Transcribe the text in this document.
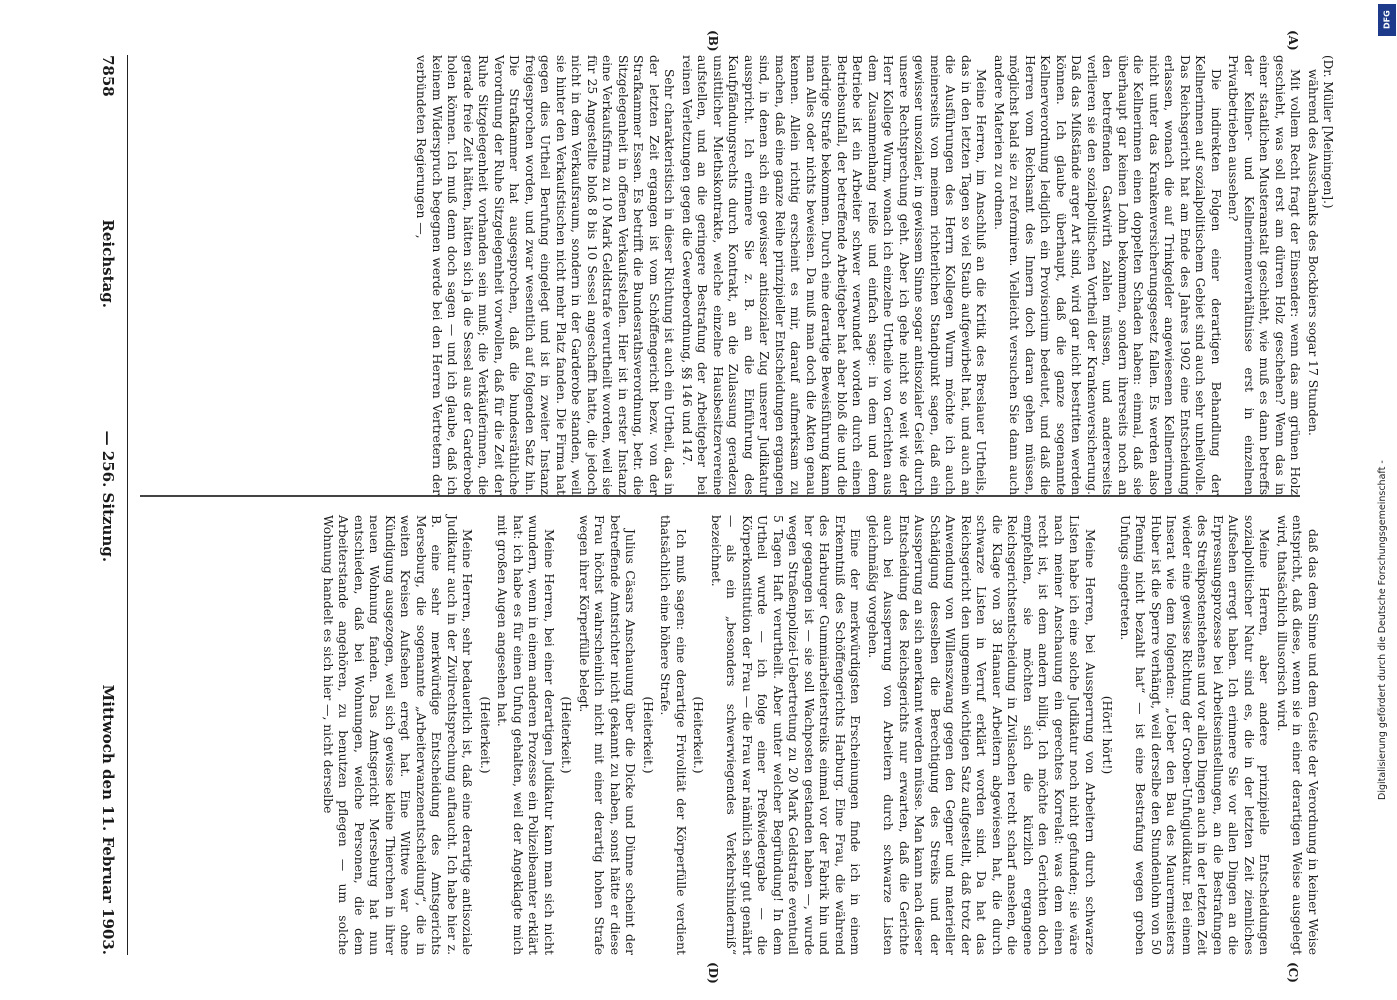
(Dr. Müller [Meiningen].)

während des Ausschanks des Bockbiers sogar 17 Stunden.

Mit vollem Recht fragt der Einsender: wenn das am grünen Holz geschieht, was soll erst am dürren Holz geschehen? Wenn das in einer staatlichen Musteranstalt geschieht, wie muß es dann betreffs der Kellner- und Kellnerinnenverhältnisse erst in einzelnen Privatbetrieben aussehen?

Die indirekten Folgen einer derartigen Behandlung der Kellnerinnen auf sozialpolitischem Gebiet sind auch sehr unheilvolle. Das Reichsgericht hat am Ende des Jahres 1902 eine Entscheidung erlassen, wonach die auf Trinkgelder angewiesenen Kellnerinnen nicht unter das Krankenversicherungsgesetz fallen. Es werden also die Kellnerinnen einen doppelten Schaden haben: einmal, daß sie überhaupt gar keinen Lohn bekommen, sondern ihrerseits noch an den betreffenden Gastwirth zahlen müssen, und andererseits verlieren sie den sozialpolitischen Vortheil der Krankenversicherung. Daß das Mißstände arger Art sind, wird gar nicht bestritten werden können. Ich glaube überhaupt, daß die ganze sogenannte Kellnerverordnung lediglich ein Provisorium bedeutet, und daß die Herren vom Reichsamt des Innern doch daran gehen müssen, möglichst bald sie zu reformiren. Vielleicht versuchen Sie dann auch andere Materien zu ordnen.

Meine Herren, im Anschluß an die Kritik des Breslauer Urtheils, das in den letzten Tagen so viel Staub aufgewirbelt hat, und auch an die Ausführungen des Herrn Kollegen Wurm möchte ich auch meinerseits von meinem richterlichen Standpunkt sagen, daß ein gewisser unsozialer, in gewissem Sinne sogar antisozialer Geist durch unsere Rechtsprechung geht. Aber ich gehe nicht so weit wie der Herr Kollege Wurm, wonach ich einzelne Urtheile von Gerichten aus dem Zusammenhang reiße und einfach sage: in dem und dem Betriebe ist ein Arbeiter schwer verwundet worden durch einen Betriebsunfall, der betreffende Arbeitgeber hat aber bloß die und die niedrige Strafe bekommen. Durch eine derartige Beweisführung kann man Alles oder nichts beweisen. Da muß man doch die Akten genau kennen. Allein richtig erscheint es mir, darauf aufmerksam zu machen, daß eine ganze Reihe prinzipieller Entscheidungen ergangen sind, in denen sich ein gewisser antisozialer Zug unserer Judikatur ausspricht. Ich erinnere Sie z. B. an die Einführung des Kaufpfändungsrechts durch Kontrakt, an die Zulassung geradezu unsittlicher Miethskontrakte, welche einzelne Hausbesitzervereine aufstellen, und an die geringere Bestrafung der Arbeitgeber bei reinen Verletzungen gegen die Gewerbeordnung, §§ 146 und 147.

Sehr charakteristisch in dieser Richtung ist auch ein Urtheil, das in der letzten Zeit ergangen ist vom Schöffengericht bezw. von der Strafkammer Essen. Es betrifft die Bundesrathsverordnung, betr. die Sitzgelegenheit in offenen Verkaufsstellen. Hier ist in erster Instanz eine Verkaufsfirma zu 10 Mark Geldstrafe verurtheilt worden, weil sie für 25 Angestellte bloß 8 bis 10 Sessel angeschafft hatte, die jedoch nicht in dem Verkaufsraum, sondern in der Garderobe standen, weil sie hinter den Verkaufstischen nicht mehr Platz fanden. Die Firma hat gegen dies Urtheil Berufung eingelegt und ist in zweiter Instanz freigesprochen worden, und zwar wesentlich auf folgenden Satz hin. Die Strafkammer hat ausgesprochen, daß die bundesräthliche Verordnung der Ruhe Sitzgelegenheit vorwollen, daß für die Zeit der Ruhe Sitzgelegenheit vorhanden sein muß; die Verkäuferinnen, die gerade freie Zeit hätten, hätten sich ja die Sessel aus der Garderobe holen können. Ich muß denn doch sagen — und ich glaube, daß ich keinem Widerspruch begegnen werde bei den Herren Vertretern der verbündeten Regierungen —,

daß das dem Sinne und dem Geiste der Verordnung in keiner Weise entspricht, daß diese, wenn sie in einer derartigen Weise ausgelegt wird, thatsächlich illusorisch wird.

Meine Herren, aber andere prinzipielle Entscheidungen sozialpolitischer Natur sind es, die in der letzten Zeit ziemliches Aufsehen erregt haben. Ich erinnere Sie vor allen Dingen an die Erpressungsprozesse bei Arbeitseinstellungen, an die Bestrafungen des Streikpostenstehens und vor allen Dingen auch in der letzten Zeit wieder eine gewisse Richtung der Groben-Unfugjudikatur. Bei einem Inserat wie dem folgenden: „Ueber den Bau des Maurermeisters Huber ist die Sperre verhängt, weil derselbe den Stundenlohn von 50 Pfennig nicht bezahlt hat“ — ist eine Bestrafung wegen groben Unfugs eingetreten.

(Hört! hört!)

Meine Herren, bei Aussperrung von Arbeitern durch schwarze Listen habe ich eine solche Judikatur noch nicht gefunden; sie wäre nach meiner Anschauung ein gerechtes Korrelat: was dem einen recht ist, ist dem andern billig. Ich möchte den Gerichten doch empfehlen, sie möchten sich die kürzlich ergangene Reichsgerichtsentscheidung in Zivilsachen recht scharf ansehen, die die Klage von 38 Hanauer Arbeitern abgewiesen hat, die durch schwarze Listen in Verruf erklärt worden sind. Da hat das Reichsgericht den ungemein wichtigen Satz aufgestellt, daß trotz der Anwendung von Willenszwang gegen den Gegner und materieller Schädigung desselben die Berechtigung des Streiks und der Aussperrung an sich anerkannt werden müsse. Man kann nach dieser Entscheidung des Reichsgerichts nur erwarten, daß die Gerichte auch bei Aussperrung von Arbeitern durch schwarze Listen gleichmäßig vorgehen.

Eine der merkwürdigsten Erscheinungen finde ich in einem Erkenntniß des Schöffengerichts Harburg. Eine Frau, die während des Harburger Gummiarbeiterstreiks einmal vor der Fabrik hin und her gegangen ist — sie soll Wachposten gestanden haben —, wurde wegen Straßenpolizei-Uebertretung zu 20 Mark Geldstrafe eventuell 5 Tagen Haft verurtheilt. Aber unter welcher Begründung! In dem Urtheil wurde — ich folge einer Preßwiedergabe — die Körperkonstitution der Frau — die Frau war nämlich sehr gut genährt — als ein „besonders schwerwiegendes Verkehrshinderniß“ bezeichnet.

(Heiterkeit.)

Ich muß sagen: eine derartige Frivolität der Körperfülle verdient thatsächlich eine höhere Strafe.

(Heiterkeit.)

Julius Cäsars Anschauung über die Dicke und Dünne scheint der betreffende Amtsrichter nicht gekannt zu haben, sonst hätte er diese Frau höchst wahrscheinlich nicht mit einer derartig hohen Strafe wegen ihrer Körperfülle belegt.

(Heiterkeit.)

Meine Herren, bei einer derartigen Judikatur kann man sich nicht wundern, wenn in einem anderen Prozesse ein Polizeibeamter erklärt hat: ich habe es für einen Unfug gehalten, weil der Angeklagte mich mit großen Augen angesehen hat.

(Heiterkeit.)

Meine Herren, sehr bedauerlich ist, daß eine derartige antisoziale Judikatur auch in der Zivilrechtsprechung auftaucht. Ich habe hier z. B. eine sehr merkwürdige Entscheidung des Amtsgerichts Merseburg, die sogenannte „Arbeiterwanzenentscheidung“, die in weiten Kreisen Aufsehen erregt hat. Eine Wittwe war ohne Kündigung ausgezogen, weil sich gewisse kleine Thierchen in ihrer neuen Wohnung fanden. Das Amtsgericht Merseburg hat nun entschieden, daß bei Wohnungen, welche Personen, die dem Arbeiterstande angehören, zu benutzen pflegen — um solche Wohnung handelt es sich hier —, nicht derselbe

(A)
(B)
(C)
(D)
7858
Reichstag.
— 256. Sitzung.
Mittwoch den 11. Februar 1903.
DFG
Digitalisierung gefördert durch die Deutsche Forschungsgemeinschaft -
